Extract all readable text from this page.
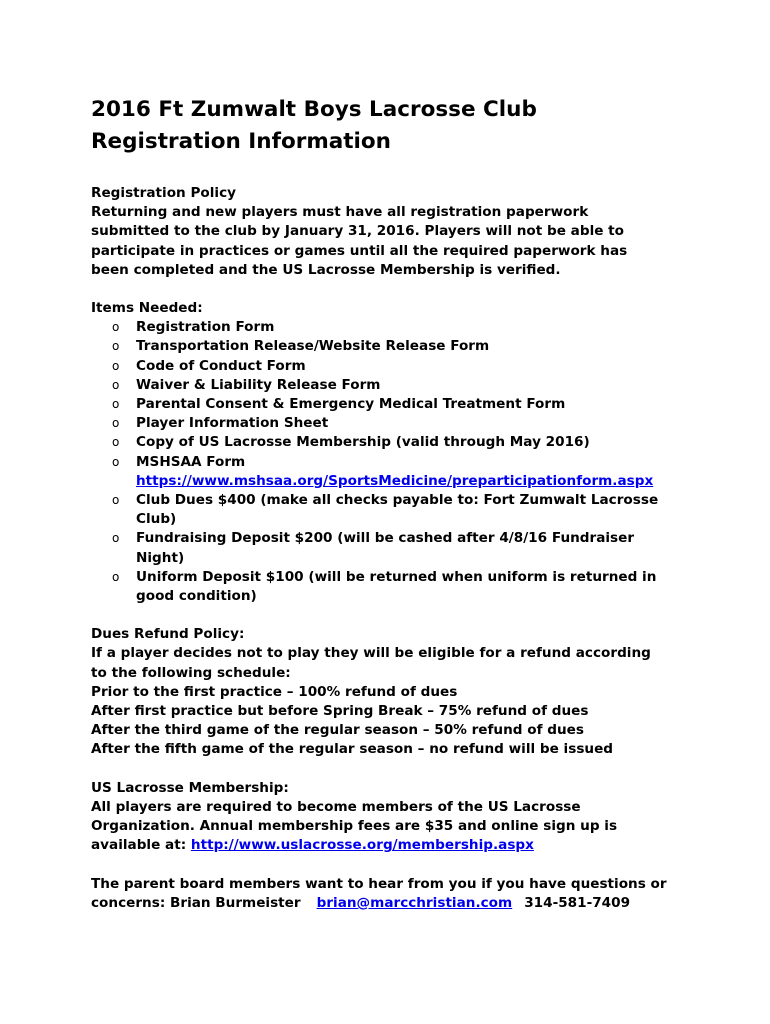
2016 Ft Zumwalt Boys Lacrosse Club
Registration Information
Registration Policy
Returning and new players must have all registration paperwork
submitted to the club by January 31, 2016. Players will not be able to
participate in practices or games until all the required paperwork has
been completed and the US Lacrosse Membership is verified.
Items Needed:
o Registration Form
o Transportation Release/Website Release Form
o Code of Conduct Form
o Waiver & Liability Release Form
o Parental Consent & Emergency Medical Treatment Form
o Player Information Sheet
o Copy of US Lacrosse Membership (valid through May 2016)
o MSHSAA Form
https://www.mshsaa.org/SportsMedicine/preparticipationform.aspx
o Club Dues $400 (make all checks payable to: Fort Zumwalt Lacrosse
Club)
o Fundraising Deposit $200 (will be cashed after 4/8/16 Fundraiser
Night)
o Uniform Deposit $100 (will be returned when uniform is returned in
good condition)
Dues Refund Policy:
If a player decides not to play they will be eligible for a refund according
to the following schedule:
Prior to the first practice – 100% refund of dues
After first practice but before Spring Break – 75% refund of dues
After the third game of the regular season – 50% refund of dues
After the fifth game of the regular season – no refund will be issued
US Lacrosse Membership:
All players are required to become members of the US Lacrosse
Organization. Annual membership fees are $35 and online sign up is
available at: http://www.uslacrosse.org/membership.aspx
The parent board members want to hear from you if you have questions or concerns: Brian Burmeister brian@marcchristian.com 314-581-7409
